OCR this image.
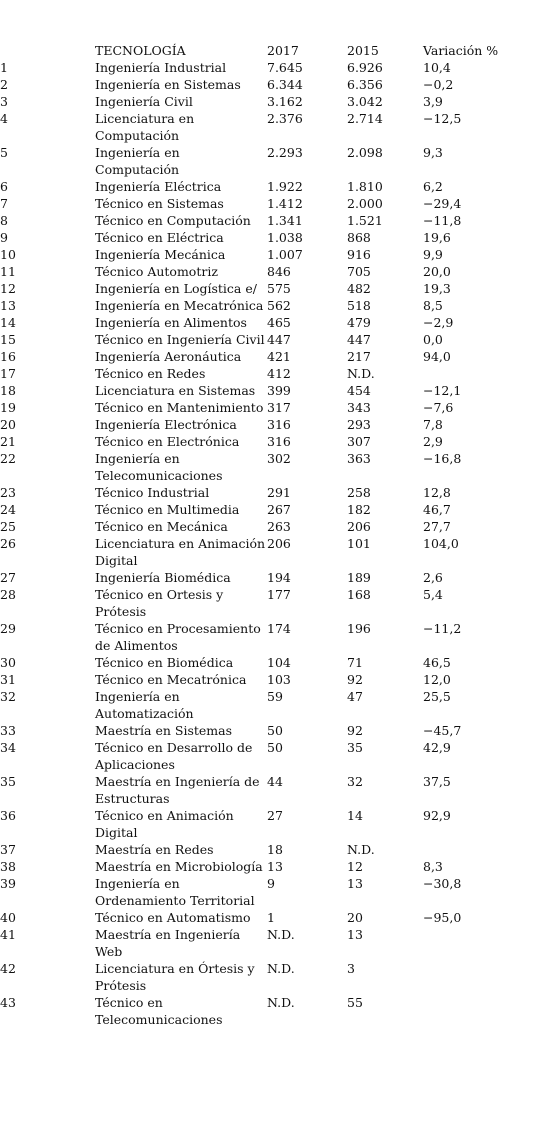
	TECNOLOGÍA	2017	2015	Variación %
1	Ingeniería Industrial	7.645	6.926	10,4
2	Ingeniería en Sistemas	6.344	6.356	−0,2
3	Ingeniería Civil	3.162	3.042	3,9
4	Licenciatura en Computación	2.376	2.714	−12,5
5	Ingeniería en Computación	2.293	2.098	9,3
6	Ingeniería Eléctrica	1.922	1.810	6,2
7	Técnico en Sistemas	1.412	2.000	−29,4
8	Técnico en Computación	1.341	1.521	−11,8
9	Técnico en Eléctrica	1.038	868	19,6
10	Ingeniería Mecánica	1.007	916	9,9
11	Técnico Automotriz	846	705	20,0
12	Ingeniería en Logística e/	575	482	19,3
13	Ingeniería en Mecatrónica	562	518	8,5
14	Ingeniería en Alimentos	465	479	−2,9
15	Técnico en Ingeniería Civil	447	447	0,0
16	Ingeniería Aeronáutica	421	217	94,0
17	Técnico en Redes	412	N.D.	
18	Licenciatura en Sistemas	399	454	−12,1
19	Técnico en Mantenimiento	317	343	−7,6
20	Ingeniería Electrónica	316	293	7,8
21	Técnico en Electrónica	316	307	2,9
22	Ingeniería en Telecomunicaciones	302	363	−16,8
23	Técnico Industrial	291	258	12,8
24	Técnico en Multimedia	267	182	46,7
25	Técnico en Mecánica	263	206	27,7
26	Licenciatura en Animación Digital	206	101	104,0
27	Ingeniería Biomédica	194	189	2,6
28	Técnico en Ortesis y Prótesis	177	168	5,4
29	Técnico en Procesamiento de Alimentos	174	196	−11,2
30	Técnico en Biomédica	104	71	46,5
31	Técnico en Mecatrónica	103	92	12,0
32	Ingeniería en Automatización	59	47	25,5
33	Maestría en Sistemas	50	92	−45,7
34	Técnico en Desarrollo de Aplicaciones	50	35	42,9
35	Maestría en Ingeniería de Estructuras	44	32	37,5
36	Técnico en Animación Digital	27	14	92,9
37	Maestría en Redes	18	N.D.	
38	Maestría en Microbiología	13	12	8,3
39	Ingeniería en Ordenamiento Territorial	9	13	−30,8
40	Técnico en Automatismo	1	20	−95,0
41	Maestría en Ingeniería Web	N.D.	13	
42	Licenciatura en Órtesis y Prótesis	N.D.	3	
43	Técnico en Telecomunicaciones	N.D.	55	
